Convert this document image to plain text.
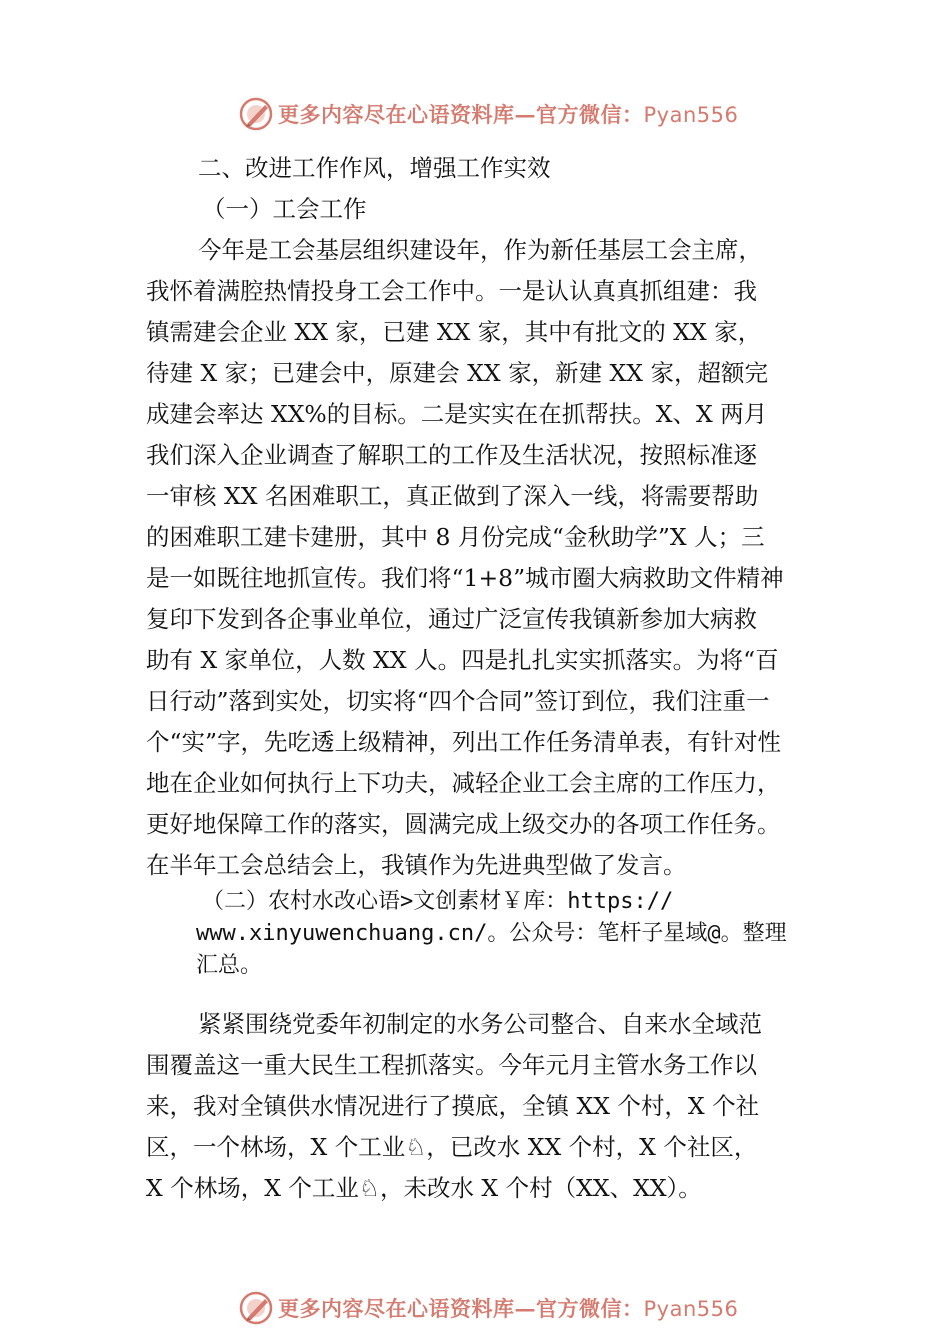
更多内容尽在心语资料库—官方微信：Pyan556
二、改进工作作风，增强工作实效
（一）工会工作
今年是工会基层组织建设年，作为新任基层工会主席，
我怀着满腔热情投身工会工作中。一是认认真真抓组建：我
镇需建会企业 XX 家，已建 XX 家，其中有批文的 XX 家，
待建 X 家；已建会中，原建会 XX 家，新建 XX 家，超额完
成建会率达 XX%的目标。二是实实在在抓帮扶。X、X 两月
我们深入企业调查了解职工的工作及生活状况，按照标准逐
一审核 XX 名困难职工，真正做到了深入一线，将需要帮助
的困难职工建卡建册，其中 8 月份完成“金秋助学”X 人；三
是一如既往地抓宣传。我们将“1+8”城市圈大病救助文件精神
复印下发到各企事业单位，通过广泛宣传我镇新参加大病救
助有 X 家单位，人数 XX 人。四是扎扎实实抓落实。为将“百
日行动”落到实处，切实将“四个合同”签订到位，我们注重一
个“实”字，先吃透上级精神，列出工作任务清单表，有针对性
地在企业如何执行上下功夫，减轻企业工会主席的工作压力，
更好地保障工作的落实，圆满完成上级交办的各项工作任务。
在半年工会总结会上，我镇作为先进典型做了发言。
（二）农村水改心语>文创素材￥库：https://
www.xinyuwenchuang.cn/。公众号：笔杆子星域@。整理
汇总。
紧紧围绕党委年初制定的水务公司整合、自来水全域范
围覆盖这一重大民生工程抓落实。今年元月主管水务工作以
来，我对全镇供水情况进行了摸底，全镇 XX 个村，X 个社
区，一个林场，X 个工业♘，已改水 XX 个村，X 个社区，
X 个林场，X 个工业♘，未改水 X 个村（XX、XX）。
更多内容尽在心语资料库—官方微信：Pyan556
